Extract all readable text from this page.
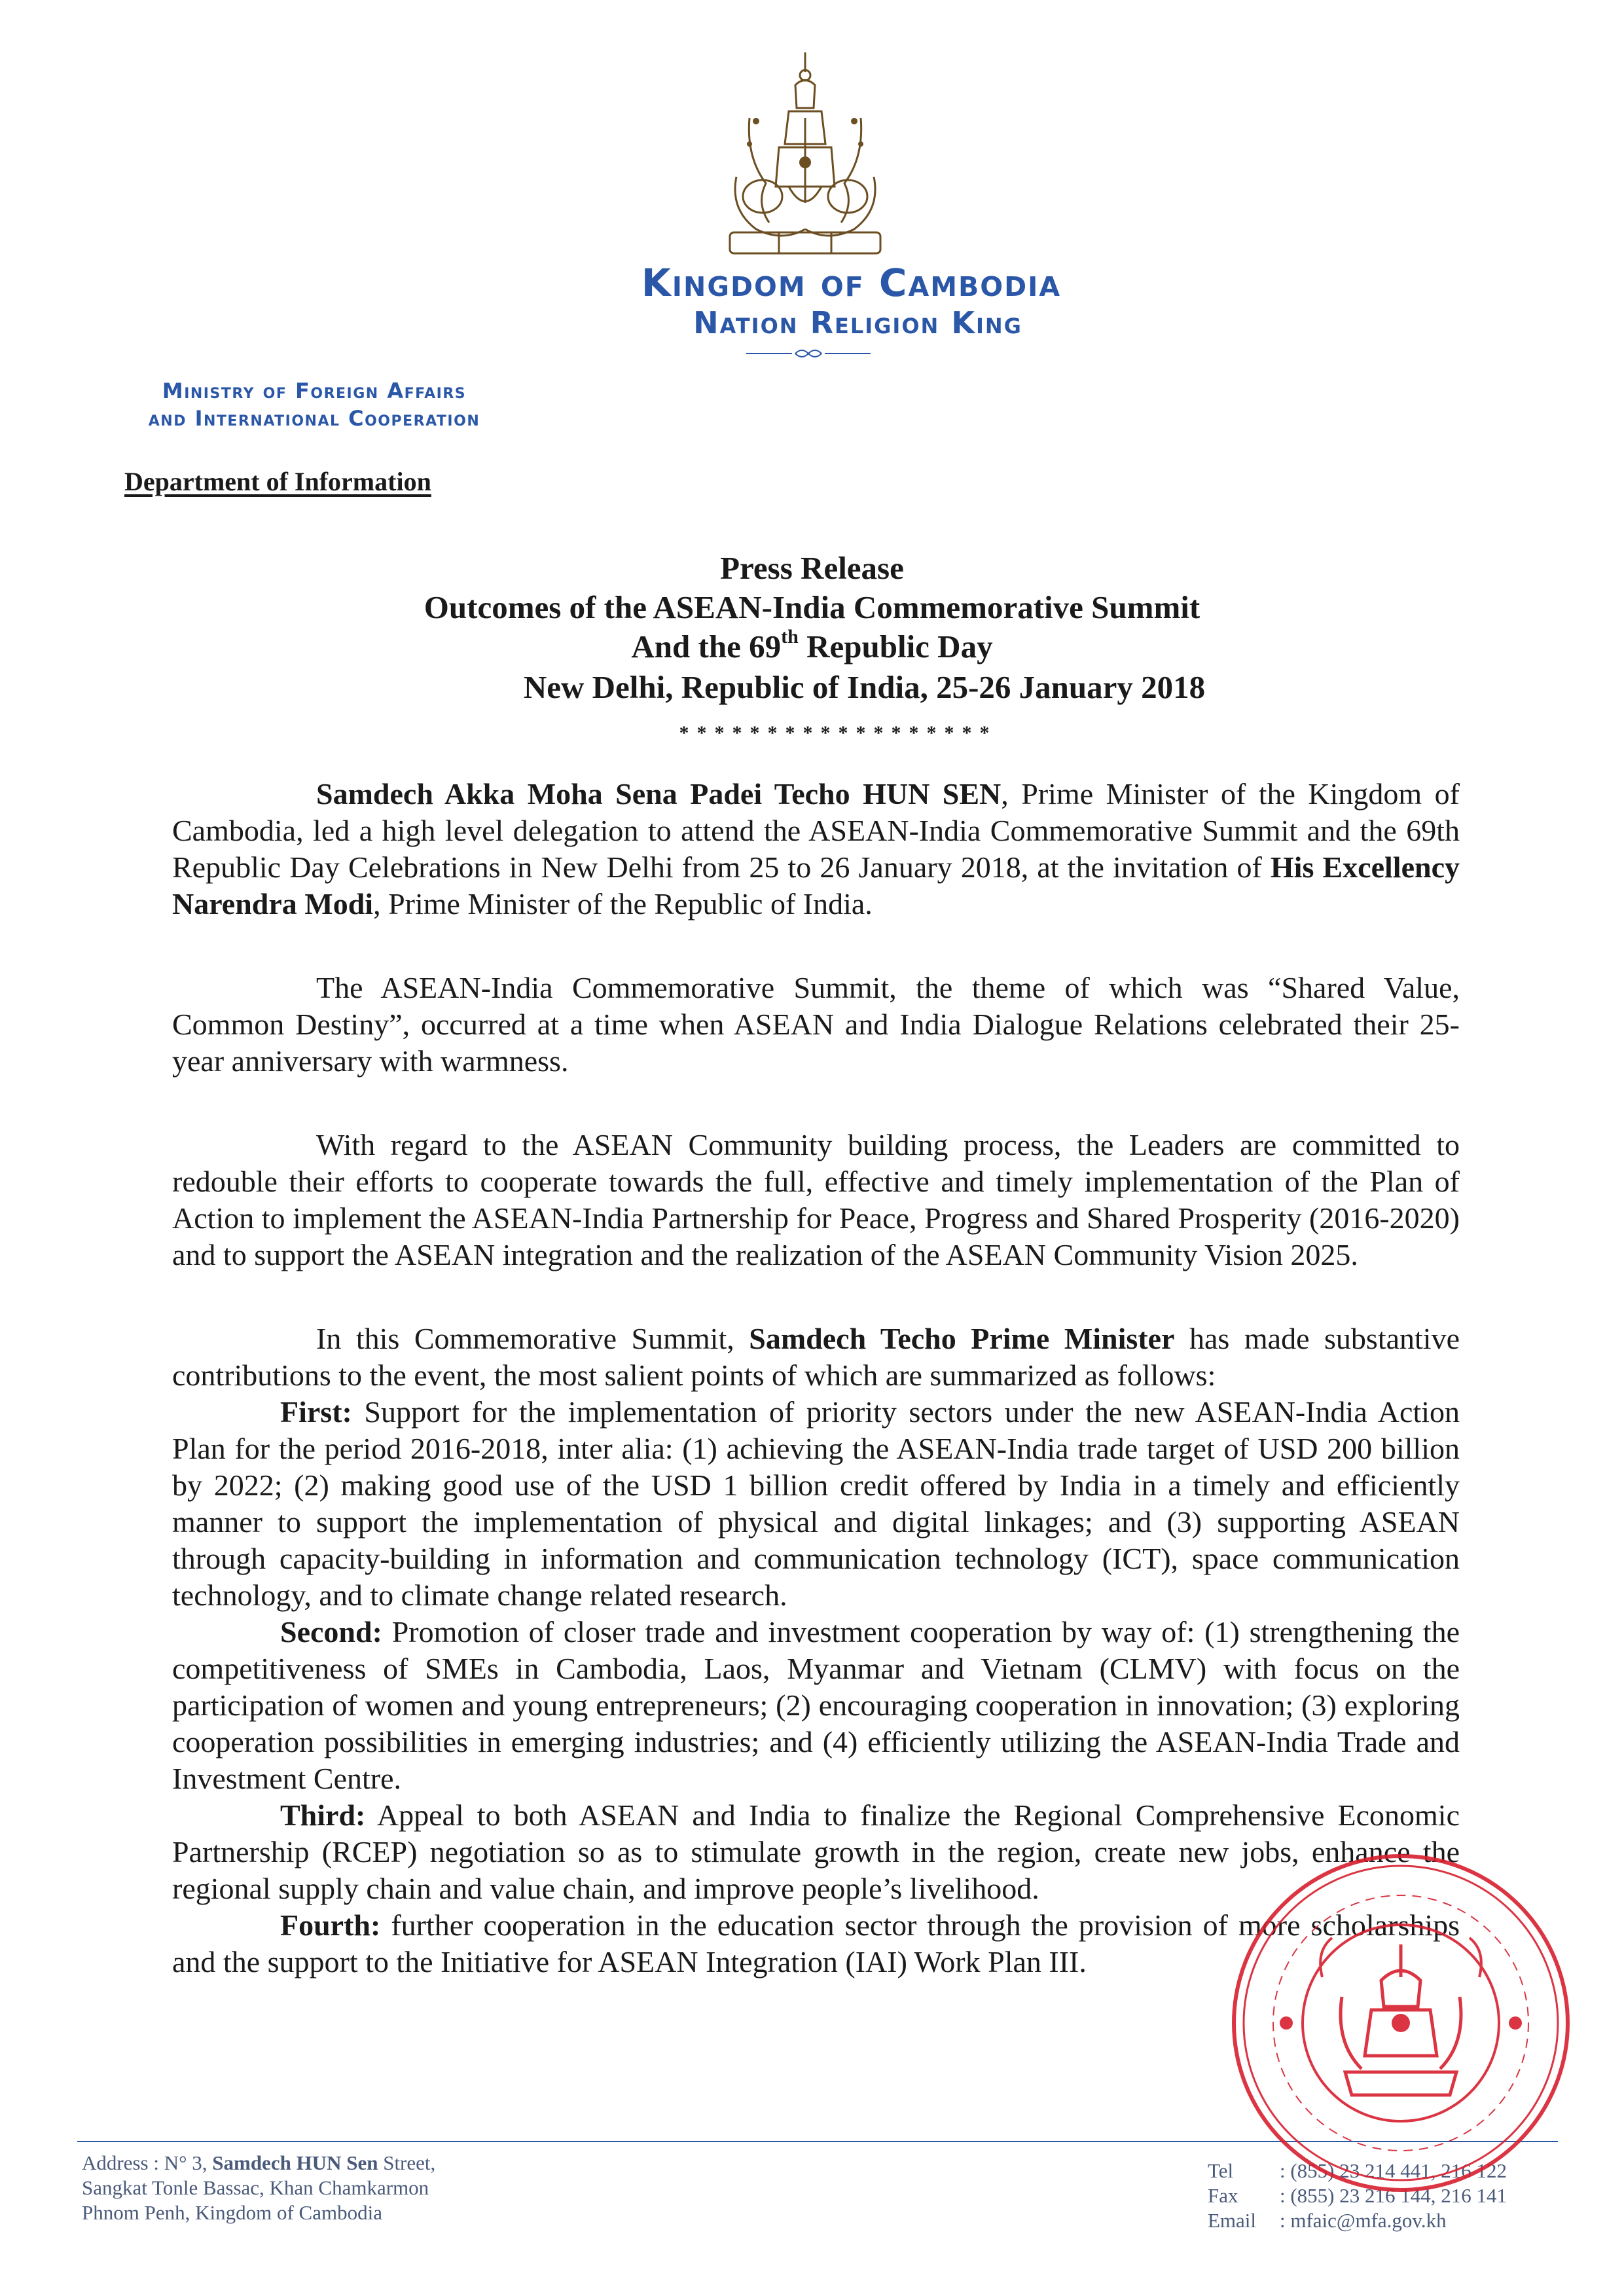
Kingdom of Cambodia
Nation Religion King
Ministry of Foreign Affairs
and International Cooperation
Department of Information
Press Release
Outcomes of the ASEAN-India Commemorative Summit
And the 69th Republic Day
New Delhi, Republic of India, 25-26 January 2018
******************

Samdech Akka Moha Sena Padei Techo HUN SEN, Prime Minister of the Kingdom of Cambodia, led a high level delegation to attend the ASEAN-India Commemorative Summit and the 69th Republic Day Celebrations in New Delhi from 25 to 26 January 2018, at the invitation of His Excellency Narendra Modi, Prime Minister of the Republic of India.

The ASEAN-India Commemorative Summit, the theme of which was “Shared Value, Common Destiny”, occurred at a time when ASEAN and India Dialogue Relations celebrated their 25-year anniversary with warmness.

With regard to the ASEAN Community building process, the Leaders are committed to redouble their efforts to cooperate towards the full, effective and timely implementation of the Plan of Action to implement the ASEAN-India Partnership for Peace, Progress and Shared Prosperity (2016-2020) and to support the ASEAN integration and the realization of the ASEAN Community Vision 2025.

In this Commemorative Summit, Samdech Techo Prime Minister has made substantive contributions to the event, the most salient points of which are summarized as follows:

First: Support for the implementation of priority sectors under the new ASEAN-India Action Plan for the period 2016-2018, inter alia: (1) achieving the ASEAN-India trade target of USD 200 billion by 2022; (2) making good use of the USD 1 billion credit offered by India in a timely and efficiently manner to support the implementation of physical and digital linkages; and (3) supporting ASEAN through capacity-building in information and communication technology (ICT), space communication technology, and to climate change related research.

Second: Promotion of closer trade and investment cooperation by way of: (1) strengthening the competitiveness of SMEs in Cambodia, Laos, Myanmar and Vietnam (CLMV) with focus on the participation of women and young entrepreneurs; (2) encouraging cooperation in innovation; (3) exploring cooperation possibilities in emerging industries; and (4) efficiently utilizing the ASEAN-India Trade and Investment Centre.

Third: Appeal to both ASEAN and India to finalize the Regional Comprehensive Economic Partnership (RCEP) negotiation so as to stimulate growth in the region, create new jobs, enhance the regional supply chain and value chain, and improve people’s livelihood.

Fourth: further cooperation in the education sector through the provision of more scholarships and the support to the Initiative for ASEAN Integration (IAI) Work Plan III.

Address : N° 3, Samdech HUN Sen Street,
Sangkat Tonle Bassac, Khan Chamkarmon
Phnom Penh, Kingdom of Cambodia
Tel	: (855) 23 214 441, 216 122
Fax	: (855) 23 216 144, 216 141
Email	: mfaic@mfa.gov.kh
